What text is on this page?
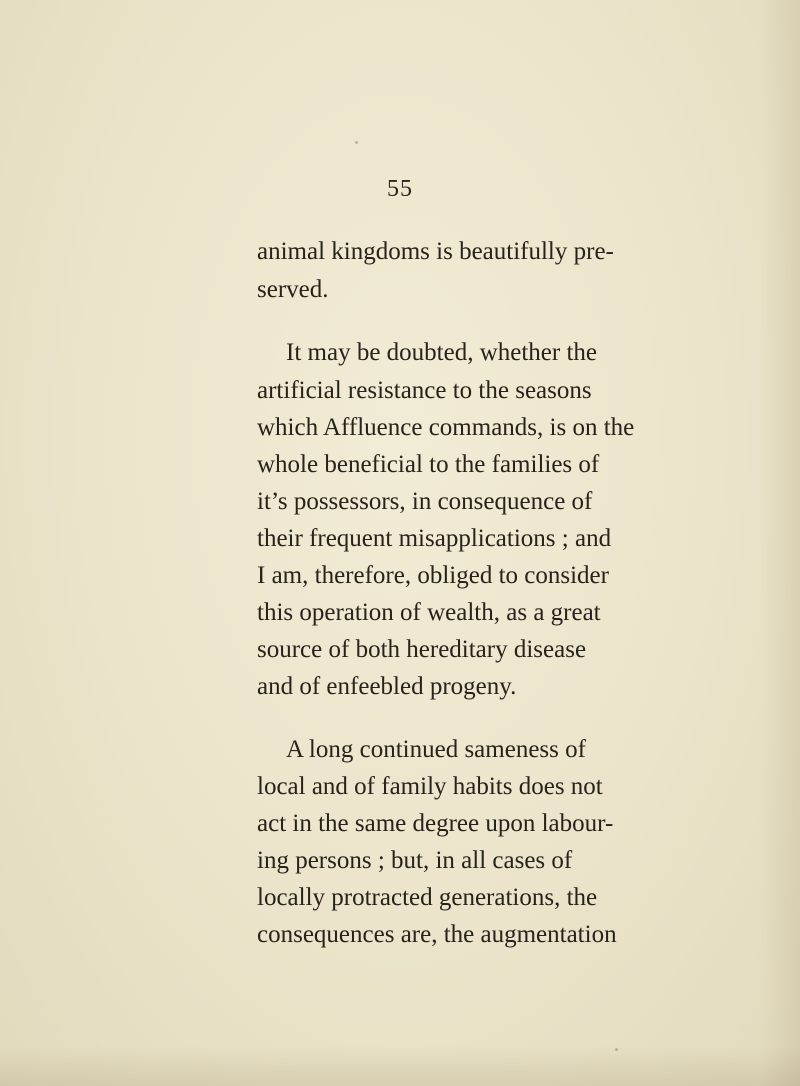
55
animal kingdoms is beautifully pre-
served.
It may be doubted, whether the
artificial resistance to the seasons
which Affluence commands, is on the
whole beneficial to the families of
it’s possessors, in consequence of
their frequent misapplications ; and
I am, therefore, obliged to consider
this operation of wealth, as a great
source of both hereditary disease
and of enfeebled progeny.
A long continued sameness of
local and of family habits does not
act in the same degree upon labour-
ing persons ; but, in all cases of
locally protracted generations, the
consequences are, the augmentation
